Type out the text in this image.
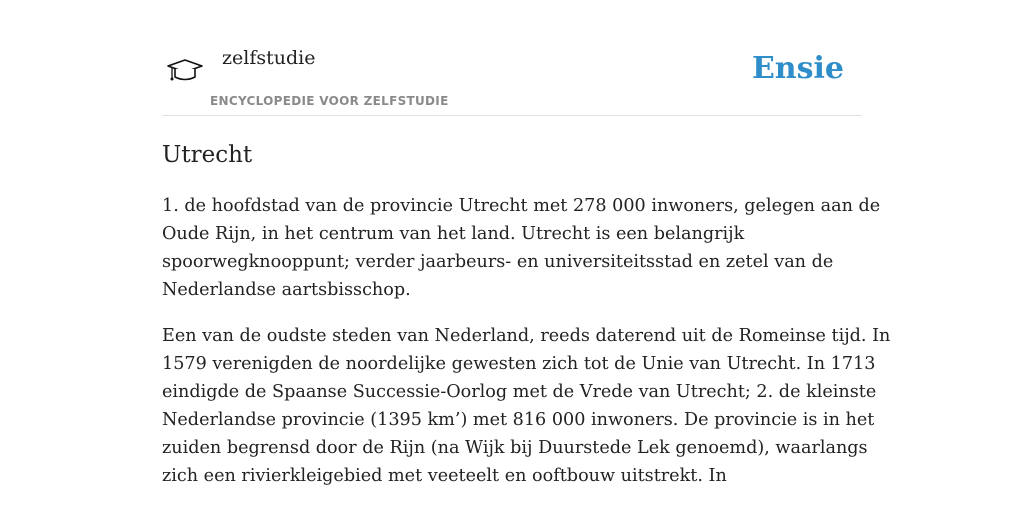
zelfstudie
ENCYCLOPEDIE VOOR ZELFSTUDIE
Ensie
Utrecht

1. de hoofdstad van de provincie Utrecht met 278 000 inwoners, gelegen aan de
Oude Rijn, in het centrum van het land. Utrecht is een belangrijk
spoorwegknooppunt; verder jaarbeurs- en universiteitsstad en zetel van de
Nederlandse aartsbisschop.

Een van de oudste steden van Nederland, reeds daterend uit de Romeinse tijd. In
1579 verenigden de noordelijke gewesten zich tot de Unie van Utrecht. In 1713
eindigde de Spaanse Successie-Oorlog met de Vrede van Utrecht; 2. de kleinste
Nederlandse provincie (1395 km’) met 816 000 inwoners. De provincie is in het
zuiden begrensd door de Rijn (na Wijk bij Duurstede Lek genoemd), waarlangs
zich een rivierkleigebied met veeteelt en ooftbouw uitstrekt. In
